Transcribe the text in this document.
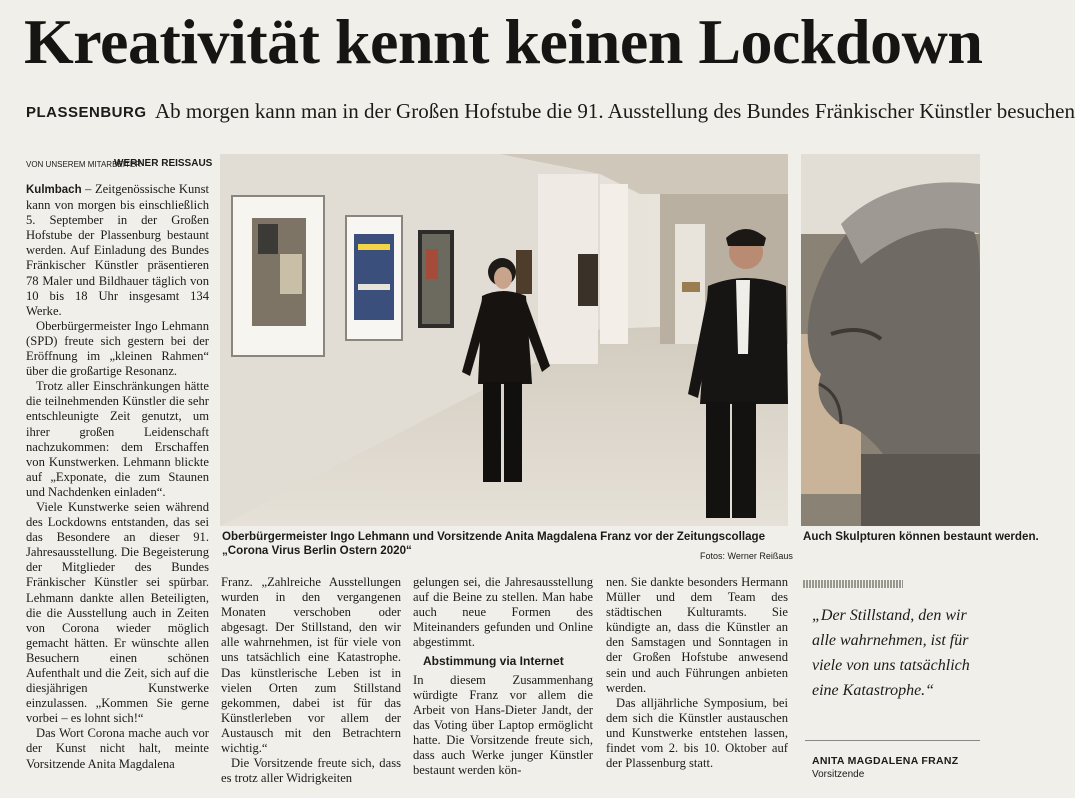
Kreativität kennt keinen Lockdown
PLASSENBURG Ab morgen kann man in der Großen Hofstube die 91. Ausstellung des Bundes Fränkischer Künstler besuchen
VON UNSEREM MITARBEITER
WERNER REISSAUS

Kulmbach – Zeitgenössische Kunst kann von morgen bis einschließlich 5. September in der Großen Hofstube der Plassenburg bestaunt werden. Auf Einladung des Bundes Fränkischer Künstler präsentieren 78 Maler und Bildhauer täglich von 10 bis 18 Uhr insgesamt 134 Werke.

Oberbürgermeister Ingo Lehmann (SPD) freute sich gestern bei der Eröffnung im „kleinen Rahmen“ über die großartige Resonanz.

Trotz aller Einschränkungen hätte die teilnehmenden Künstler die sehr entschleunigte Zeit genutzt, um ihrer großen Leidenschaft nachzukommen: dem Erschaffen von Kunstwerken. Lehmann blickte auf „Exponate, die zum Staunen und Nachdenken einladen“.

Viele Kunstwerke seien während des Lockdowns entstanden, das sei das Besondere an dieser 91. Jahresausstellung. Die Begeisterung der Mitglieder des Bundes Fränkischer Künstler sei spürbar. Lehmann dankte allen Beteiligten, die die Ausstellung auch in Zeiten von Corona wieder möglich gemacht hätten. Er wünschte allen Besuchern einen schönen Aufenthalt und die Zeit, sich auf die diesjährigen Kunstwerke einzulassen. „Kommen Sie gerne vorbei – es lohnt sich!“

Das Wort Corona mache auch vor der Kunst nicht halt, meinte Vorsitzende Anita Magdalena

Oberbürgermeister Ingo Lehmann und Vorsitzende Anita Magdalena Franz vor der Zeitungscollage „Corona Virus Berlin Ostern 2020“	Fotos: Werner Reißaus
Auch Skulpturen können bestaunt werden.

Franz. „Zahlreiche Ausstellungen wurden in den vergangenen Monaten verschoben oder abgesagt. Der Stillstand, den wir alle wahrnehmen, ist für viele von uns tatsächlich eine Katastrophe. Das künstlerische Leben ist in vielen Orten zum Stillstand gekommen, dabei ist für das Künstlerleben vor allem der Austausch mit den Betrachtern wichtig.“

Die Vorsitzende freute sich, dass es trotz aller Widrigkeiten

gelungen sei, die Jahresausstellung auf die Beine zu stellen. Man habe auch neue Formen des Miteinanders gefunden und Online abgestimmt.

Abstimmung via Internet

In diesem Zusammenhang würdigte Franz vor allem die Arbeit von Hans-Dieter Jandt, der das Voting über Laptop ermöglicht hatte. Die Vorsitzende freute sich, dass auch Werke junger Künstler bestaunt werden kön-

nen. Sie dankte besonders Hermann Müller und dem Team des städtischen Kulturamts. Sie kündigte an, dass die Künstler an den Samstagen und Sonntagen in der Großen Hofstube anwesend sein und auch Führungen anbieten werden.

Das alljährliche Symposium, bei dem sich die Künstler austauschen und Kunstwerke entstehen lassen, findet vom 2. bis 10. Oktober auf der Plassenburg statt.

„Der Stillstand, den wir alle wahrnehmen, ist für viele von uns tatsächlich eine Katastrophe.“
ANITA MAGDALENA FRANZ
Vorsitzende
